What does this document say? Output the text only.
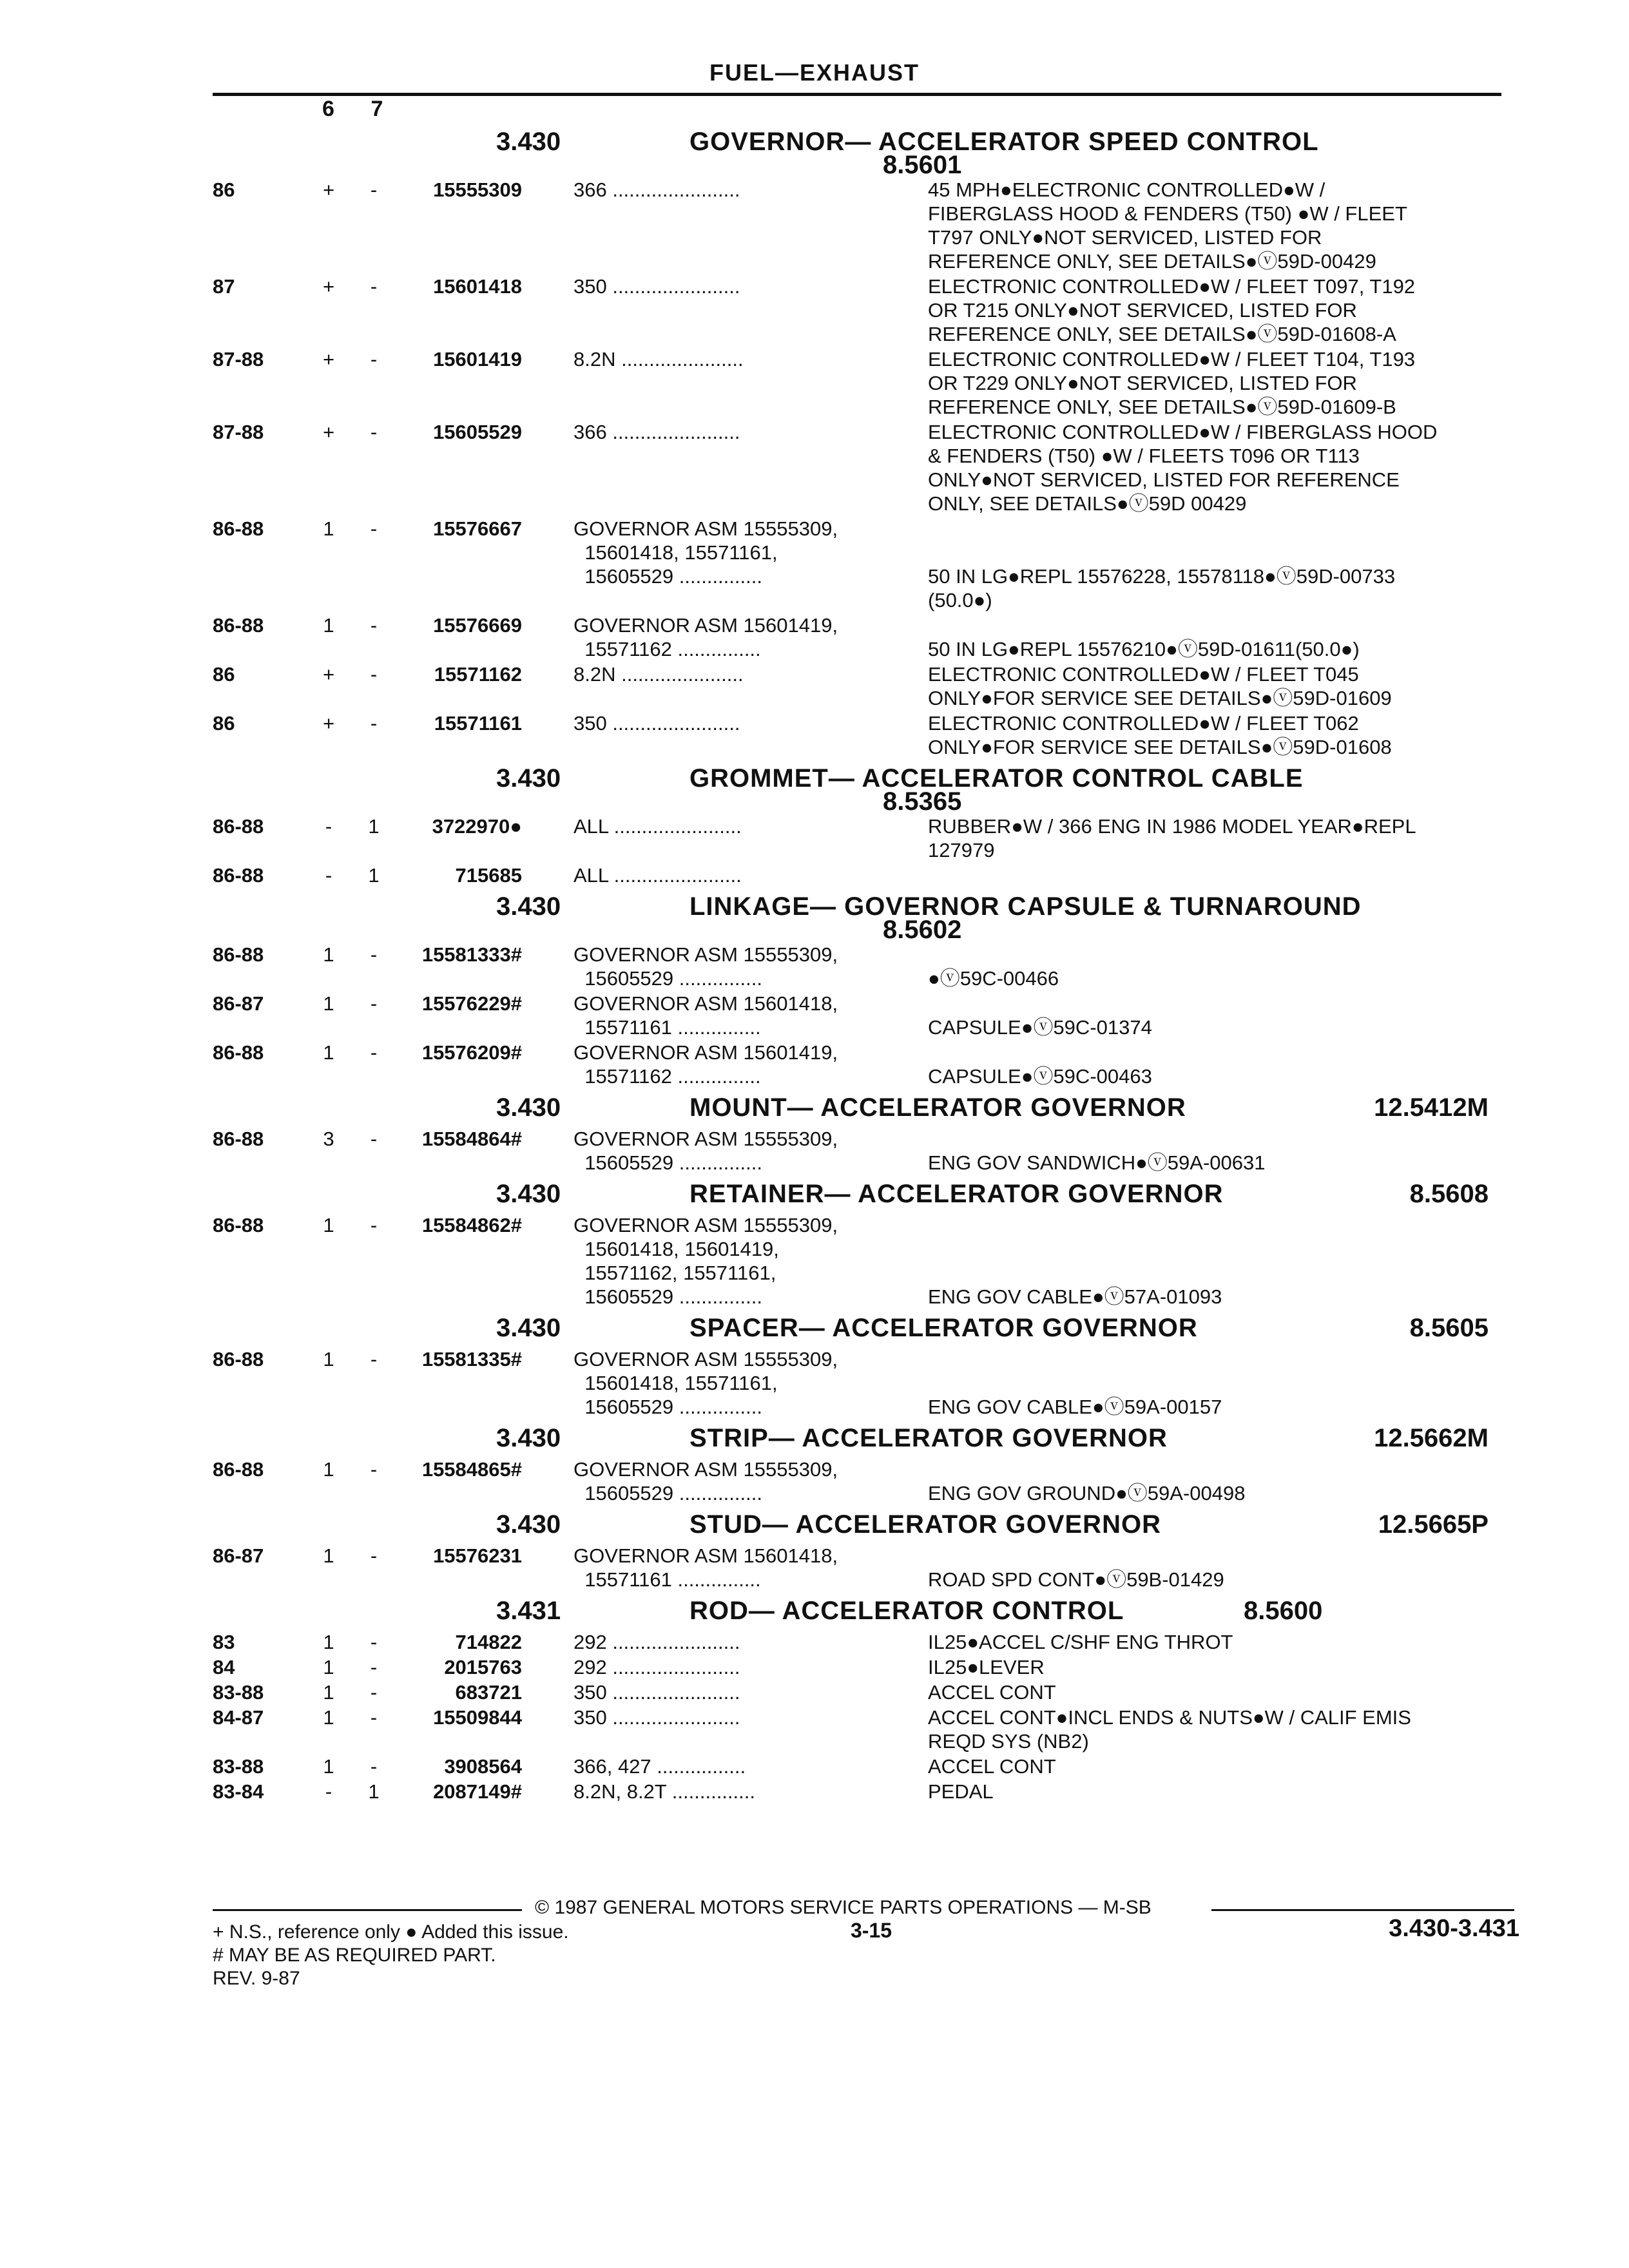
FUEL—EXHAUST
6 7
3.430	GOVERNOR— ACCELERATOR SPEED CONTROL
8.5601
86	+	-	15555309	366 .......................	45 MPH●ELECTRONIC CONTROLLED●W /
FIBERGLASS HOOD & FENDERS (T50) ●W / FLEET
T797 ONLY●NOT SERVICED, LISTED FOR
REFERENCE ONLY, SEE DETAILS●ⓥ59D-00429
87	+	-	15601418	350 .......................	ELECTRONIC CONTROLLED●W / FLEET T097, T192
OR T215 ONLY●NOT SERVICED, LISTED FOR
REFERENCE ONLY, SEE DETAILS●ⓥ59D-01608-A
87-88	+	-	15601419	8.2N ......................	ELECTRONIC CONTROLLED●W / FLEET T104, T193
OR T229 ONLY●NOT SERVICED, LISTED FOR
REFERENCE ONLY, SEE DETAILS●ⓥ59D-01609-B
87-88	+	-	15605529	366 .......................	ELECTRONIC CONTROLLED●W / FIBERGLASS HOOD
& FENDERS (T50) ●W / FLEETS T096 OR T113
ONLY●NOT SERVICED, LISTED FOR REFERENCE
ONLY, SEE DETAILS●ⓥ59D 00429
86-88	1	-	15576667	GOVERNOR ASM 15555309,
15601418, 15571161,
15605529 ...............	50 IN LG●REPL 15576228, 15578118●ⓥ59D-00733
(50.0●)
86-88	1	-	15576669	GOVERNOR ASM 15601419,
15571162 ...............	50 IN LG●REPL 15576210●ⓥ59D-01611(50.0●)
86	+	-	15571162	8.2N ......................	ELECTRONIC CONTROLLED●W / FLEET T045
ONLY●FOR SERVICE SEE DETAILS●ⓥ59D-01609
86	+	-	15571161	350 .......................	ELECTRONIC CONTROLLED●W / FLEET T062
ONLY●FOR SERVICE SEE DETAILS●ⓥ59D-01608
3.430	GROMMET— ACCELERATOR CONTROL CABLE
8.5365
86-88	-	1	3722970●	ALL .......................	RUBBER●W / 366 ENG IN 1986 MODEL YEAR●REPL
127979
86-88	-	1	715685	ALL .......................
3.430	LINKAGE— GOVERNOR CAPSULE & TURNAROUND
8.5602
86-88	1	-	15581333#	GOVERNOR ASM 15555309,
15605529 ...............	●ⓥ59C-00466
86-87	1	-	15576229#	GOVERNOR ASM 15601418,
15571161 ...............	CAPSULE●ⓥ59C-01374
86-88	1	-	15576209#	GOVERNOR ASM 15601419,
15571162 ...............	CAPSULE●ⓥ59C-00463
3.430	MOUNT— ACCELERATOR GOVERNOR	12.5412M
86-88	3	-	15584864#	GOVERNOR ASM 15555309,
15605529 ...............	ENG GOV SANDWICH●ⓥ59A-00631
3.430	RETAINER— ACCELERATOR GOVERNOR	8.5608
86-88	1	-	15584862#	GOVERNOR ASM 15555309,
15601418, 15601419,
15571162, 15571161,
15605529 ...............	ENG GOV CABLE●ⓥ57A-01093
3.430	SPACER— ACCELERATOR GOVERNOR	8.5605
86-88	1	-	15581335#	GOVERNOR ASM 15555309,
15601418, 15571161,
15605529 ...............	ENG GOV CABLE●ⓥ59A-00157
3.430	STRIP— ACCELERATOR GOVERNOR	12.5662M
86-88	1	-	15584865#	GOVERNOR ASM 15555309,
15605529 ...............	ENG GOV GROUND●ⓥ59A-00498
3.430	STUD— ACCELERATOR GOVERNOR	12.5665P
86-87	1	-	15576231	GOVERNOR ASM 15601418,
15571161 ...............	ROAD SPD CONT●ⓥ59B-01429
3.431	ROD— ACCELERATOR CONTROL	8.5600
83	1	-	714822	292 .......................	IL25●ACCEL C/SHF ENG THROT
84	1	-	2015763	292 .......................	IL25●LEVER
83-88	1	-	683721	350 .......................	ACCEL CONT
84-87	1	-	15509844	350 .......................	ACCEL CONT●INCL ENDS & NUTS●W / CALIF EMIS
REQD SYS (NB2)
83-88	1	-	3908564	366, 427 ................	ACCEL CONT
83-84	-	1	2087149#	8.2N, 8.2T ...............	PEDAL
© 1987 GENERAL MOTORS SERVICE PARTS OPERATIONS — M-SB
+ N.S., reference only ● Added this issue.
# MAY BE AS REQUIRED PART.
REV. 9-87
3-15	3.430-3.431
